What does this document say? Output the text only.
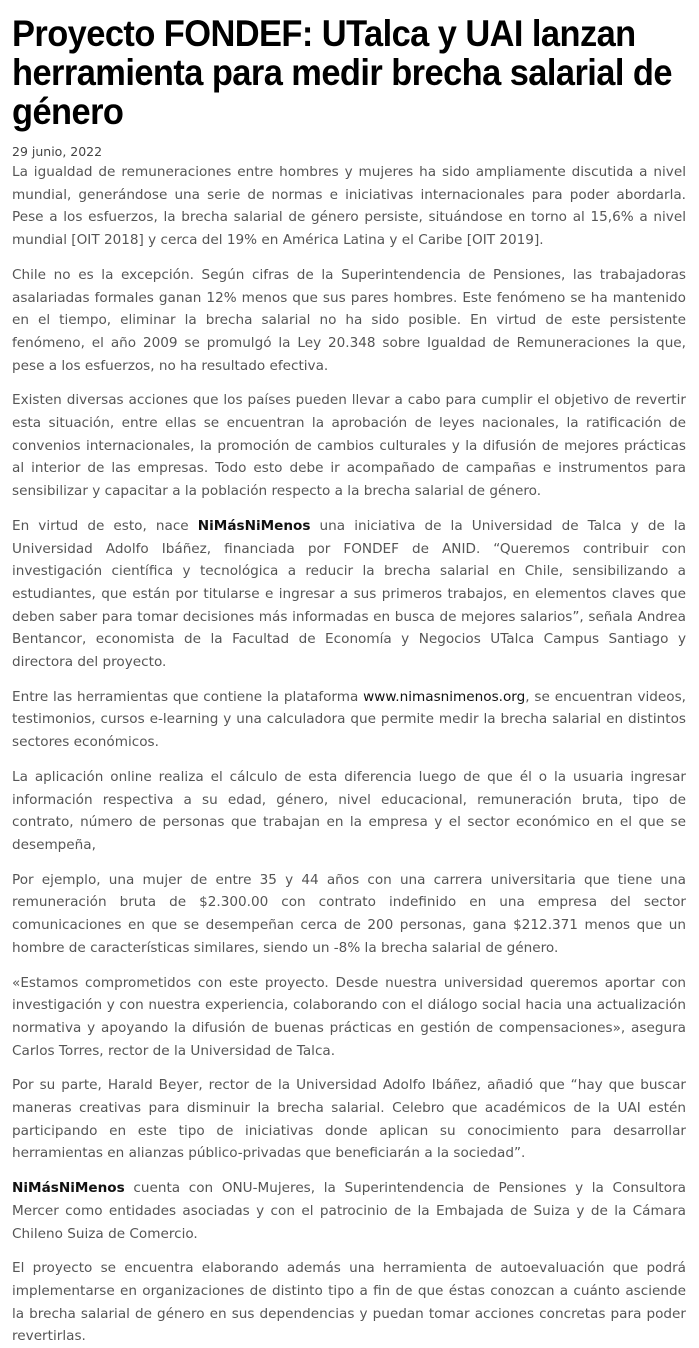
Proyecto FONDEF: UTalca y UAI lanzan herramienta para medir brecha salarial de género
29 junio, 2022

La igualdad de remuneraciones entre hombres y mujeres ha sido ampliamente discutida a nivel mundial, generándose una serie de normas e iniciativas internacionales para poder abordarla. Pese a los esfuerzos, la brecha salarial de género persiste, situándose en torno al 15,6% a nivel mundial [OIT 2018] y cerca del 19% en América Latina y el Caribe [OIT 2019].

Chile no es la excepción. Según cifras de la Superintendencia de Pensiones, las trabajadoras asalariadas formales ganan 12% menos que sus pares hombres. Este fenómeno se ha mantenido en el tiempo, eliminar la brecha salarial no ha sido posible. En virtud de este persistente fenómeno, el año 2009 se promulgó la Ley 20.348 sobre Igualdad de Remuneraciones la que, pese a los esfuerzos, no ha resultado efectiva.

Existen diversas acciones que los países pueden llevar a cabo para cumplir el objetivo de revertir esta situación, entre ellas se encuentran la aprobación de leyes nacionales, la ratificación de convenios internacionales, la promoción de cambios culturales y la difusión de mejores prácticas al interior de las empresas. Todo esto debe ir acompañado de campañas e instrumentos para sensibilizar y capacitar a la población respecto a la brecha salarial de género.

En virtud de esto, nace NiMásNiMenos una iniciativa de la Universidad de Talca y de la Universidad Adolfo Ibáñez, financiada por FONDEF de ANID. “Queremos contribuir con investigación científica y tecnológica a reducir la brecha salarial en Chile, sensibilizando a estudiantes, que están por titularse e ingresar a sus primeros trabajos, en elementos claves que deben saber para tomar decisiones más informadas en busca de mejores salarios”, señala Andrea Bentancor, economista de la Facultad de Economía y Negocios UTalca Campus Santiago y directora del proyecto.

Entre las herramientas que contiene la plataforma www.nimasnimenos.org, se encuentran videos, testimonios, cursos e-learning y una calculadora que permite medir la brecha salarial en distintos sectores económicos.

La aplicación online realiza el cálculo de esta diferencia luego de que él o la usuaria ingresar información respectiva a su edad, género, nivel educacional, remuneración bruta, tipo de contrato, número de personas que trabajan en la empresa y el sector económico en el que se desempeña,

Por ejemplo, una mujer de entre 35 y 44 años con una carrera universitaria que tiene una remuneración bruta de $2.300.00 con contrato indefinido en una empresa del sector comunicaciones en que se desempeñan cerca de 200 personas, gana $212.371 menos que un hombre de características similares, siendo un -8% la brecha salarial de género.

«Estamos comprometidos con este proyecto. Desde nuestra universidad queremos aportar con investigación y con nuestra experiencia, colaborando con el diálogo social hacia una actualización normativa y apoyando la difusión de buenas prácticas en gestión de compensaciones», asegura Carlos Torres, rector de la Universidad de Talca.

Por su parte, Harald Beyer, rector de la Universidad Adolfo Ibáñez, añadió que “hay que buscar maneras creativas para disminuir la brecha salarial. Celebro que académicos de la UAI estén participando en este tipo de iniciativas donde aplican su conocimiento para desarrollar herramientas en alianzas público-privadas que beneficiarán a la sociedad”.

NiMásNiMenos cuenta con ONU-Mujeres, la Superintendencia de Pensiones y la Consultora Mercer como entidades asociadas y con el patrocinio de la Embajada de Suiza y de la Cámara Chileno Suiza de Comercio.

El proyecto se encuentra elaborando además una herramienta de autoevaluación que podrá implementarse en organizaciones de distinto tipo a fin de que éstas conozcan a cuánto asciende la brecha salarial de género en sus dependencias y puedan tomar acciones concretas para poder revertirlas.
